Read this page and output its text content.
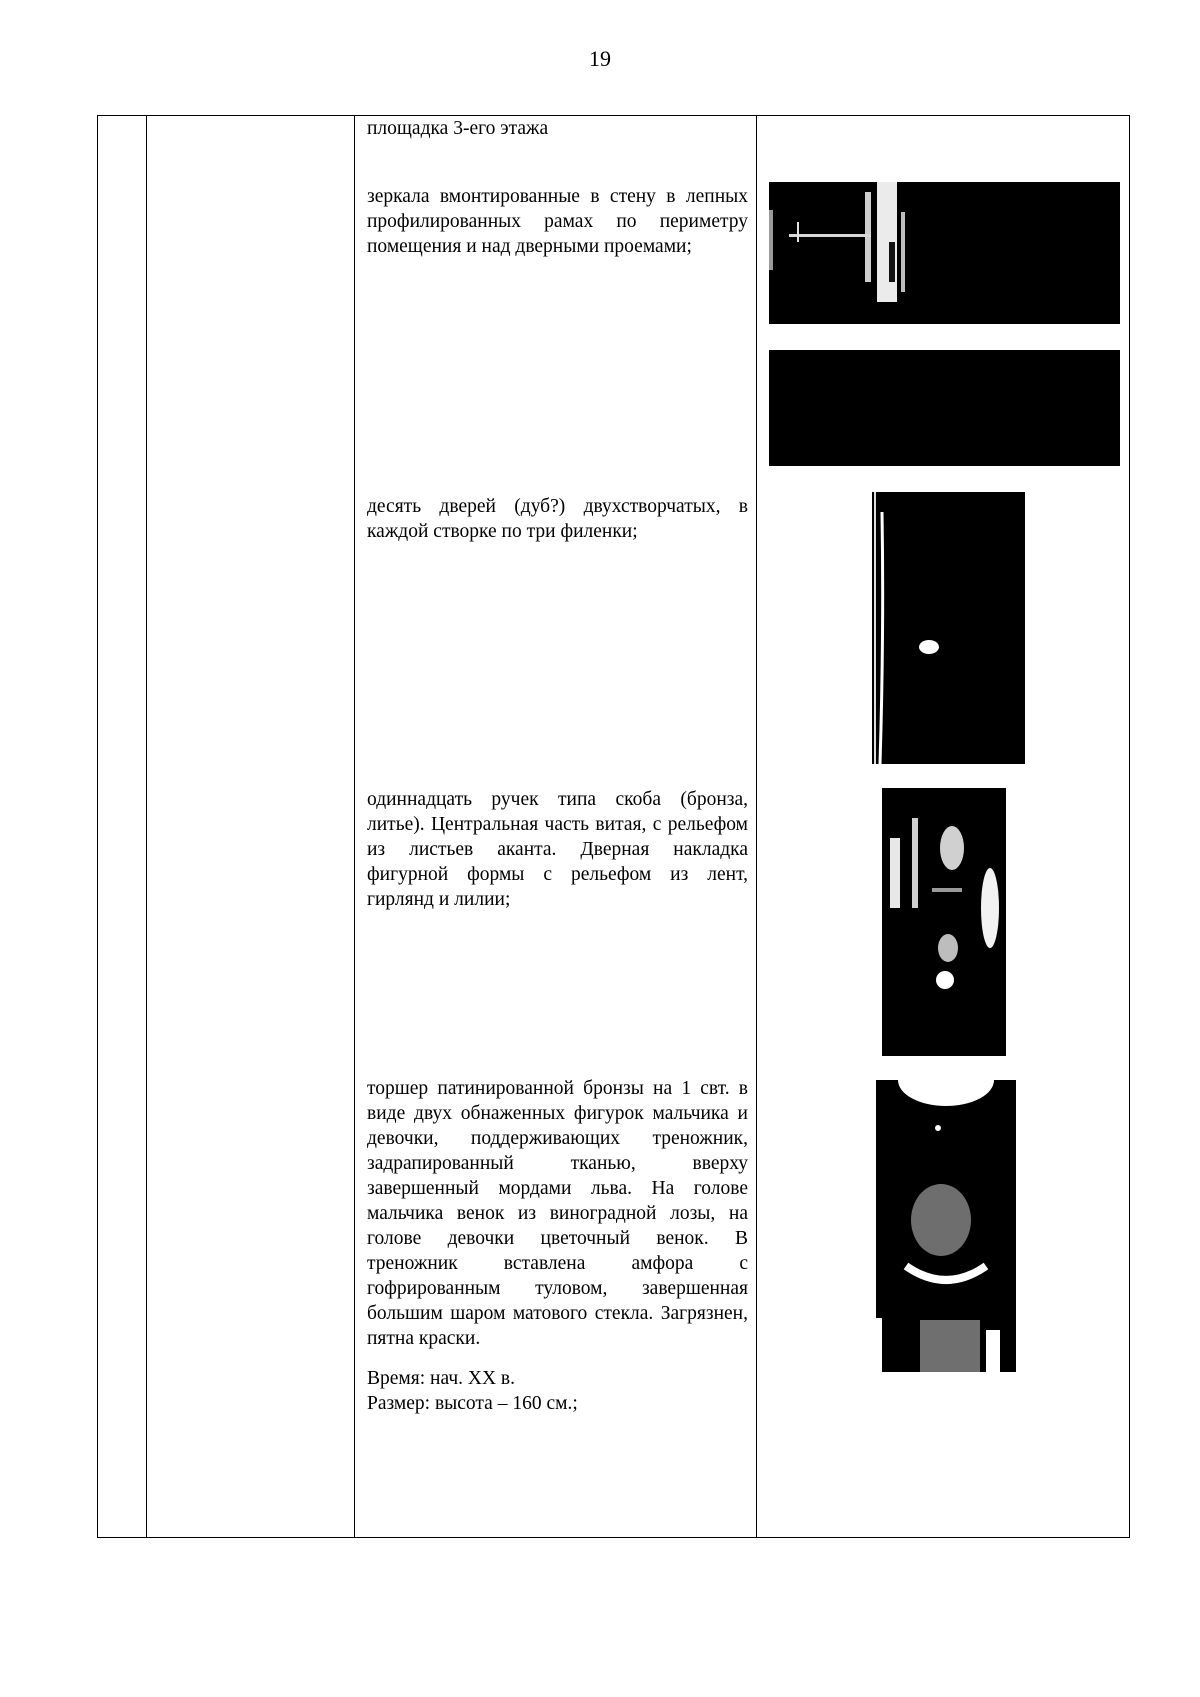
19
площадка 3-его этажа
зеркала вмонтированные в стену в лепных профилированных рамах по периметру помещения и над дверными проемами;
десять дверей (дуб?) двухстворчатых, в каждой створке по три филенки;
одиннадцать ручек типа скоба (бронза, литье). Центральная часть витая, с рельефом из листьев аканта. Дверная накладка фигурной формы с рельефом из лент, гирлянд и лилии;
торшер патинированной бронзы на 1 свт. в виде двух обнаженных фигурок мальчика и девочки, поддерживающих треножник, задрапированный тканью, вверху завершенный мордами льва. На голове мальчика венок из виноградной лозы, на голове девочки цветочный венок. В треножник вставлена амфора с гофрированным туловом, завершенная большим шаром матового стекла. Загрязнен, пятна краски.
Время: нач. XX в.
Размер: высота – 160 см.;
